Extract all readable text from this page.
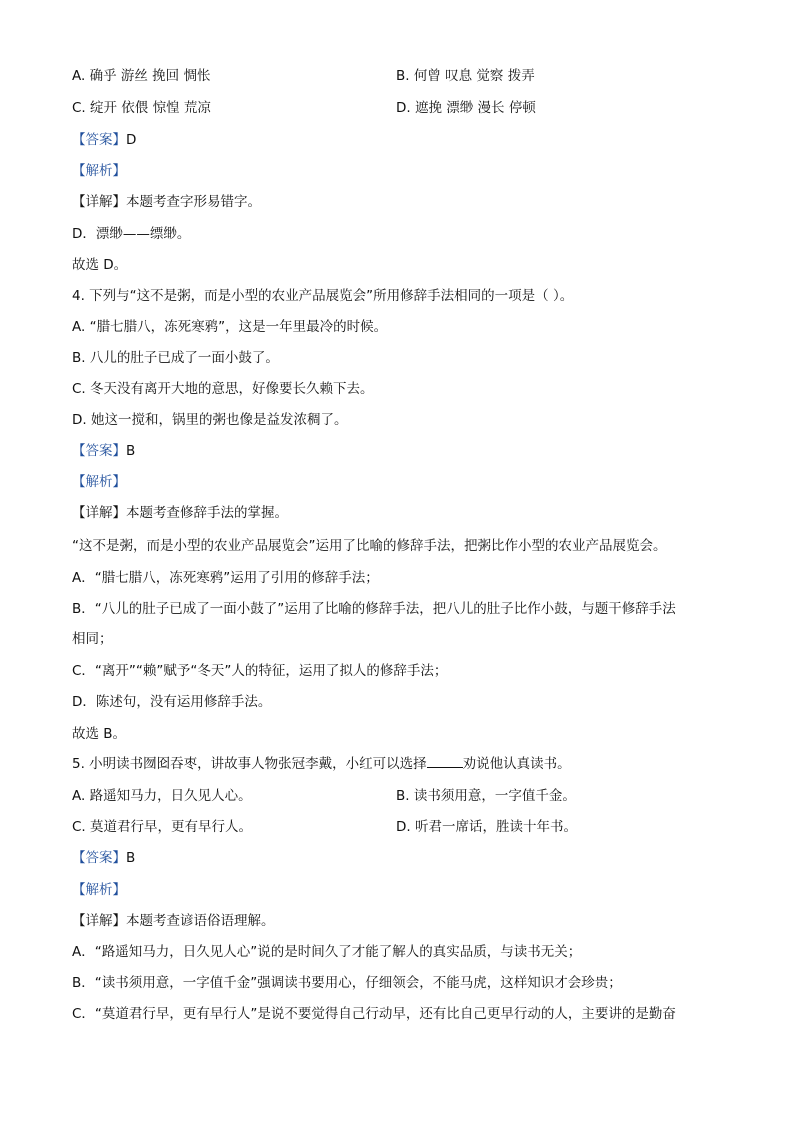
A. 确乎 游丝 挽回 惆怅	B. 何曾 叹息 觉察 拨弄
C. 绽开 依偎 惊惶 荒凉	D. 遮挽 漂缈 漫长 停顿
【答案】D
【解析】
【详解】本题考查字形易错字。
D．漂缈——缥缈。
故选 D。
4. 下列与“这不是粥，而是小型的农业产品展览会”所用修辞手法相同的一项是（ ）。
A. “腊七腊八，冻死寒鸦”，这是一年里最冷的时候。
B. 八儿的肚子已成了一面小鼓了。
C. 冬天没有离开大地的意思，好像要长久赖下去。
D. 她这一搅和，锅里的粥也像是益发浓稠了。
【答案】B
【解析】
【详解】本题考查修辞手法的掌握。
“这不是粥，而是小型的农业产品展览会”运用了比喻的修辞手法，把粥比作小型的农业产品展览会。
A．“腊七腊八，冻死寒鸦”运用了引用的修辞手法；
B．“八儿的肚子已成了一面小鼓了”运用了比喻的修辞手法，把八儿的肚子比作小鼓，与题干修辞手法
相同；
C．“离开”“赖”赋予“冬天”人的特征，运用了拟人的修辞手法；
D．陈述句，没有运用修辞手法。
故选 B。
5. 小明读书囫囵吞枣，讲故事人物张冠李戴，小红可以选择	劝说他认真读书。
A. 路遥知马力，日久见人心。	B. 读书须用意，一字值千金。
C. 莫道君行早，更有早行人。	D. 听君一席话，胜读十年书。
【答案】B
【解析】
【详解】本题考查谚语俗语理解。
A．“路遥知马力，日久见人心”说的是时间久了才能了解人的真实品质，与读书无关；
B．“读书须用意，一字值千金”强调读书要用心，仔细领会，不能马虎，这样知识才会珍贵；
C．“莫道君行早，更有早行人”是说不要觉得自己行动早，还有比自己更早行动的人，主要讲的是勤奋
